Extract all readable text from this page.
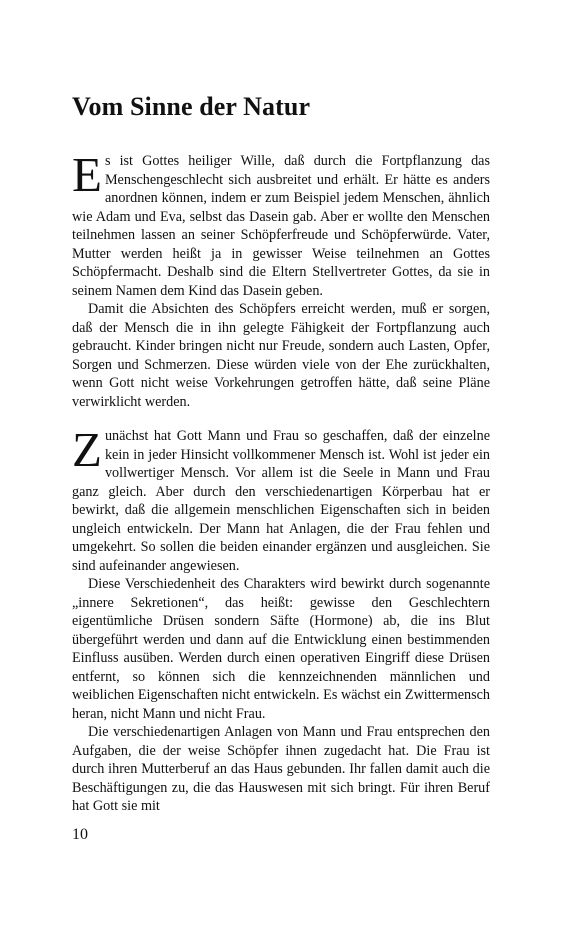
Vom Sinne der Natur

Es ist Gottes heiliger Wille, daß durch die Fortpflanzung das Menschengeschlecht sich ausbreitet und erhält. Er hätte es anders anordnen können, indem er zum Beispiel jedem Menschen, ähnlich wie Adam und Eva, selbst das Dasein gab. Aber er wollte den Menschen teilnehmen lassen an seiner Schöpferfreude und Schöpferwürde. Vater, Mutter werden heißt ja in gewisser Weise teilnehmen an Gottes Schöpfermacht. Deshalb sind die Eltern Stellvertreter Gottes, da sie in seinem Namen dem Kind das Dasein geben.

Damit die Absichten des Schöpfers erreicht werden, muß er sorgen, daß der Mensch die in ihn gelegte Fähigkeit der Fortpflanzung auch gebraucht. Kinder bringen nicht nur Freude, sondern auch Lasten, Opfer, Sorgen und Schmerzen. Diese würden viele von der Ehe zurückhalten, wenn Gott nicht weise Vorkehrungen getroffen hätte, daß seine Pläne verwirklicht werden.

Zunächst hat Gott Mann und Frau so geschaffen, daß der einzelne kein in jeder Hinsicht vollkommener Mensch ist. Wohl ist jeder ein vollwertiger Mensch. Vor allem ist die Seele in Mann und Frau ganz gleich. Aber durch den verschiedenartigen Körperbau hat er bewirkt, daß die allgemein menschlichen Eigenschaften sich in beiden ungleich entwickeln. Der Mann hat Anlagen, die der Frau fehlen und umgekehrt. So sollen die beiden einander ergänzen und ausgleichen. Sie sind aufeinander angewiesen.

Diese Verschiedenheit des Charakters wird bewirkt durch sogenannte „innere Sekretionen“, das heißt: gewisse den Geschlechtern eigentümliche Drüsen sondern Säfte (Hormone) ab, die ins Blut übergeführt werden und dann auf die Entwicklung einen bestimmenden Einfluss ausüben. Werden durch einen operativen Eingriff diese Drüsen entfernt, so können sich die kennzeichnenden männlichen und weiblichen Eigenschaften nicht entwickeln. Es wächst ein Zwittermensch heran, nicht Mann und nicht Frau.

Die verschiedenartigen Anlagen von Mann und Frau entsprechen den Aufgaben, die der weise Schöpfer ihnen zugedacht hat. Die Frau ist durch ihren Mutterberuf an das Haus gebunden. Ihr fallen damit auch die Beschäftigungen zu, die das Hauswesen mit sich bringt. Für ihren Beruf hat Gott sie mit

10
